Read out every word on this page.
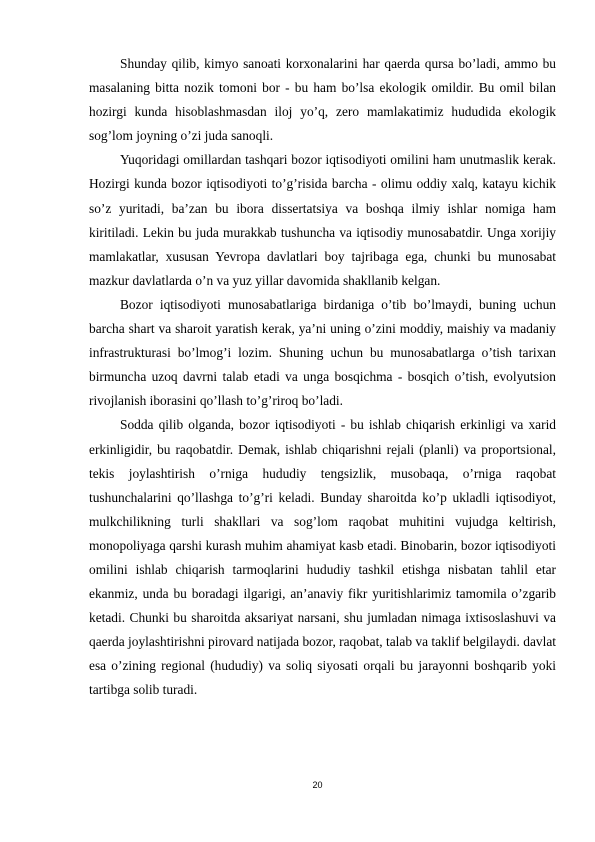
Shunday qilib, kimyo sanoati korxonalarini har qaerda qursa bo’ladi, ammo bu masalaning bitta nozik tomoni bor - bu ham bo’lsa ekologik omildir. Bu omil bilan hozirgi kunda hisoblashmasdan iloj yo’q, zero mamlakatimiz hududida ekologik sog’lom joyning o’zi juda sanoqli.

Yuqoridagi omillardan tashqari bozor iqtisodiyoti omilini ham unutmaslik kerak. Hozirgi kunda bozor iqtisodiyoti to’g’risida barcha - olimu oddiy xalq, katayu kichik so’z yuritadi, ba’zan bu ibora dissertatsiya va boshqa ilmiy ishlar nomiga ham kiritiladi. Lekin bu juda murakkab tushuncha va iqtisodiy munosabatdir. Unga xorijiy mamlakatlar, xususan Yevropa davlatlari boy tajribaga ega, chunki bu munosabat mazkur davlatlarda o’n va yuz yillar davomida shakllanib kelgan.

Bozor iqtisodiyoti munosabatlariga birdaniga o’tib bo’lmaydi, buning uchun barcha shart va sharoit yaratish kerak, ya’ni uning o’zini moddiy, maishiy va madaniy infrastrukturasi bo’lmog’i lozim. Shuning uchun bu munosabatlarga o’tish tarixan birmuncha uzoq davrni talab etadi va unga bosqichma - bosqich o’tish, evolyutsion rivojlanish iborasini qo’llash to’g’riroq bo’ladi.

Sodda qilib olganda, bozor iqtisodiyoti - bu ishlab chiqarish erkinligi va xarid erkinligidir, bu raqobatdir. Demak, ishlab chiqarishni rejali (planli) va proportsional, tekis joylashtirish o’rniga hududiy tengsizlik, musobaqa, o’rniga raqobat tushunchalarini qo’llashga to’g’ri keladi. Bunday sharoitda ko’p ukladli iqtisodiyot, mulkchilikning turli shakllari va sog’lom raqobat muhitini vujudga keltirish, monopoliyaga qarshi kurash muhim ahamiyat kasb etadi. Binobarin, bozor iqtisodiyoti omilini ishlab chiqarish tarmoqlarini hududiy tashkil etishga nisbatan tahlil etar ekanmiz, unda bu boradagi ilgarigi, an’anaviy fikr yuritishlarimiz tamomila o’zgarib ketadi. Chunki bu sharoitda aksariyat narsani, shu jumladan nimaga ixtisoslashuvi va qaerda joylashtirishni pirovard natijada bozor, raqobat, talab va taklif belgilaydi. davlat esa o’zining regional (hududiy) va soliq siyosati orqali bu jarayonni boshqarib yoki tartibga solib turadi.

20
